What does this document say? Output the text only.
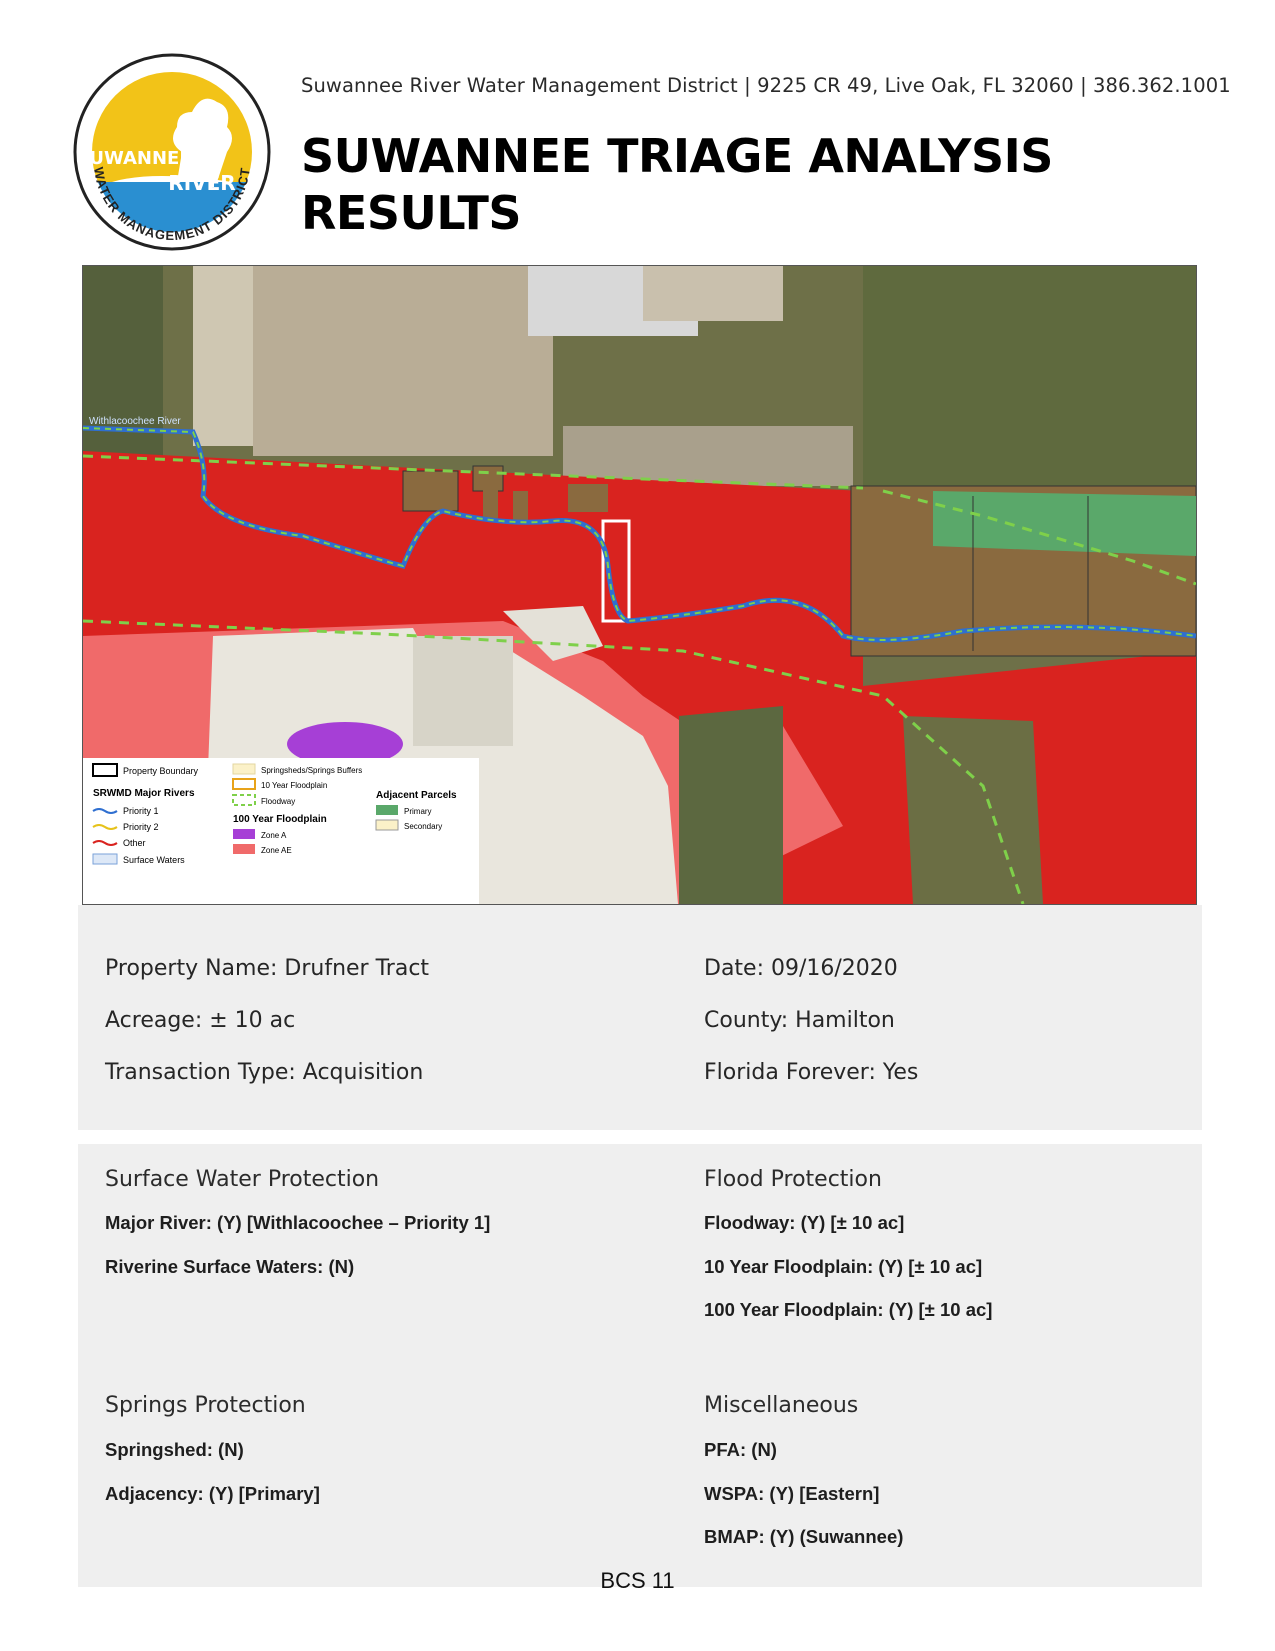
WATER MANAGEMENT DISTRICT
SUWANNEE
RIVER
Suwannee River Water Management District | 9225 CR 49, Live Oak, FL 32060 | 386.362.1001
SUWANNEE TRIAGE ANALYSIS
RESULTS
Withlacoochee River
Property Boundary
SRWMD Major Rivers
Priority 1
Priority 2
Other
Surface Waters
Springsheds/Springs Buffers
10 Year Floodplain
Floodway
100 Year Floodplain
Zone A
Zone AE
Adjacent Parcels
Primary
Secondary
Property Name: Drufner Tract
Acreage: ± 10 ac
Transaction Type: Acquisition
Date: 09/16/2020
County: Hamilton
Florida Forever: Yes
Surface Water Protection
Major River: (Y) [Withlacoochee – Priority 1]
Riverine Surface Waters: (N)
Flood Protection
Floodway: (Y) [± 10 ac]
10 Year Floodplain: (Y) [± 10 ac]
100 Year Floodplain: (Y) [± 10 ac]
Springs Protection
Springshed: (N)
Adjacency: (Y) [Primary]
Miscellaneous
PFA: (N)
WSPA: (Y) [Eastern]
BMAP: (Y) (Suwannee)
BCS 11
